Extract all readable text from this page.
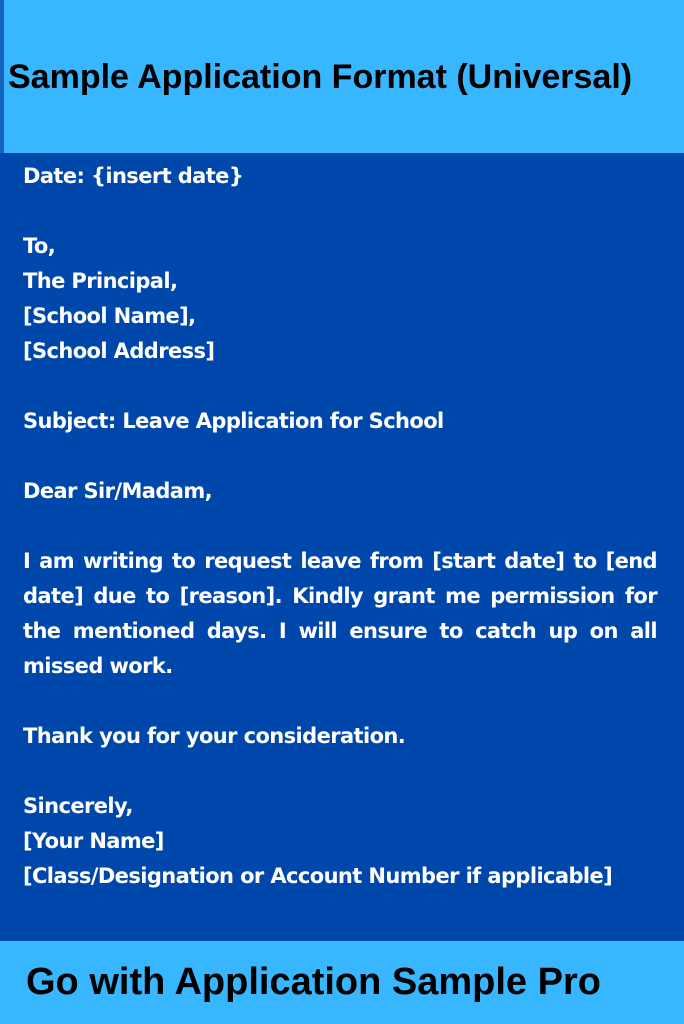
Sample Application Format (Universal)
Date: {insert date}
To,
The Principal,
[School Name],
[School Address]
Subject: Leave Application for School
Dear Sir/Madam,
I am writing to request leave from [start date] to [end date] due to [reason]. Kindly grant me permission for the mentioned days. I will ensure to catch up on all missed work.
Thank you for your consideration.
Sincerely,
[Your Name]
[Class/Designation or Account Number if applicable]
Go with Application Sample Pro
